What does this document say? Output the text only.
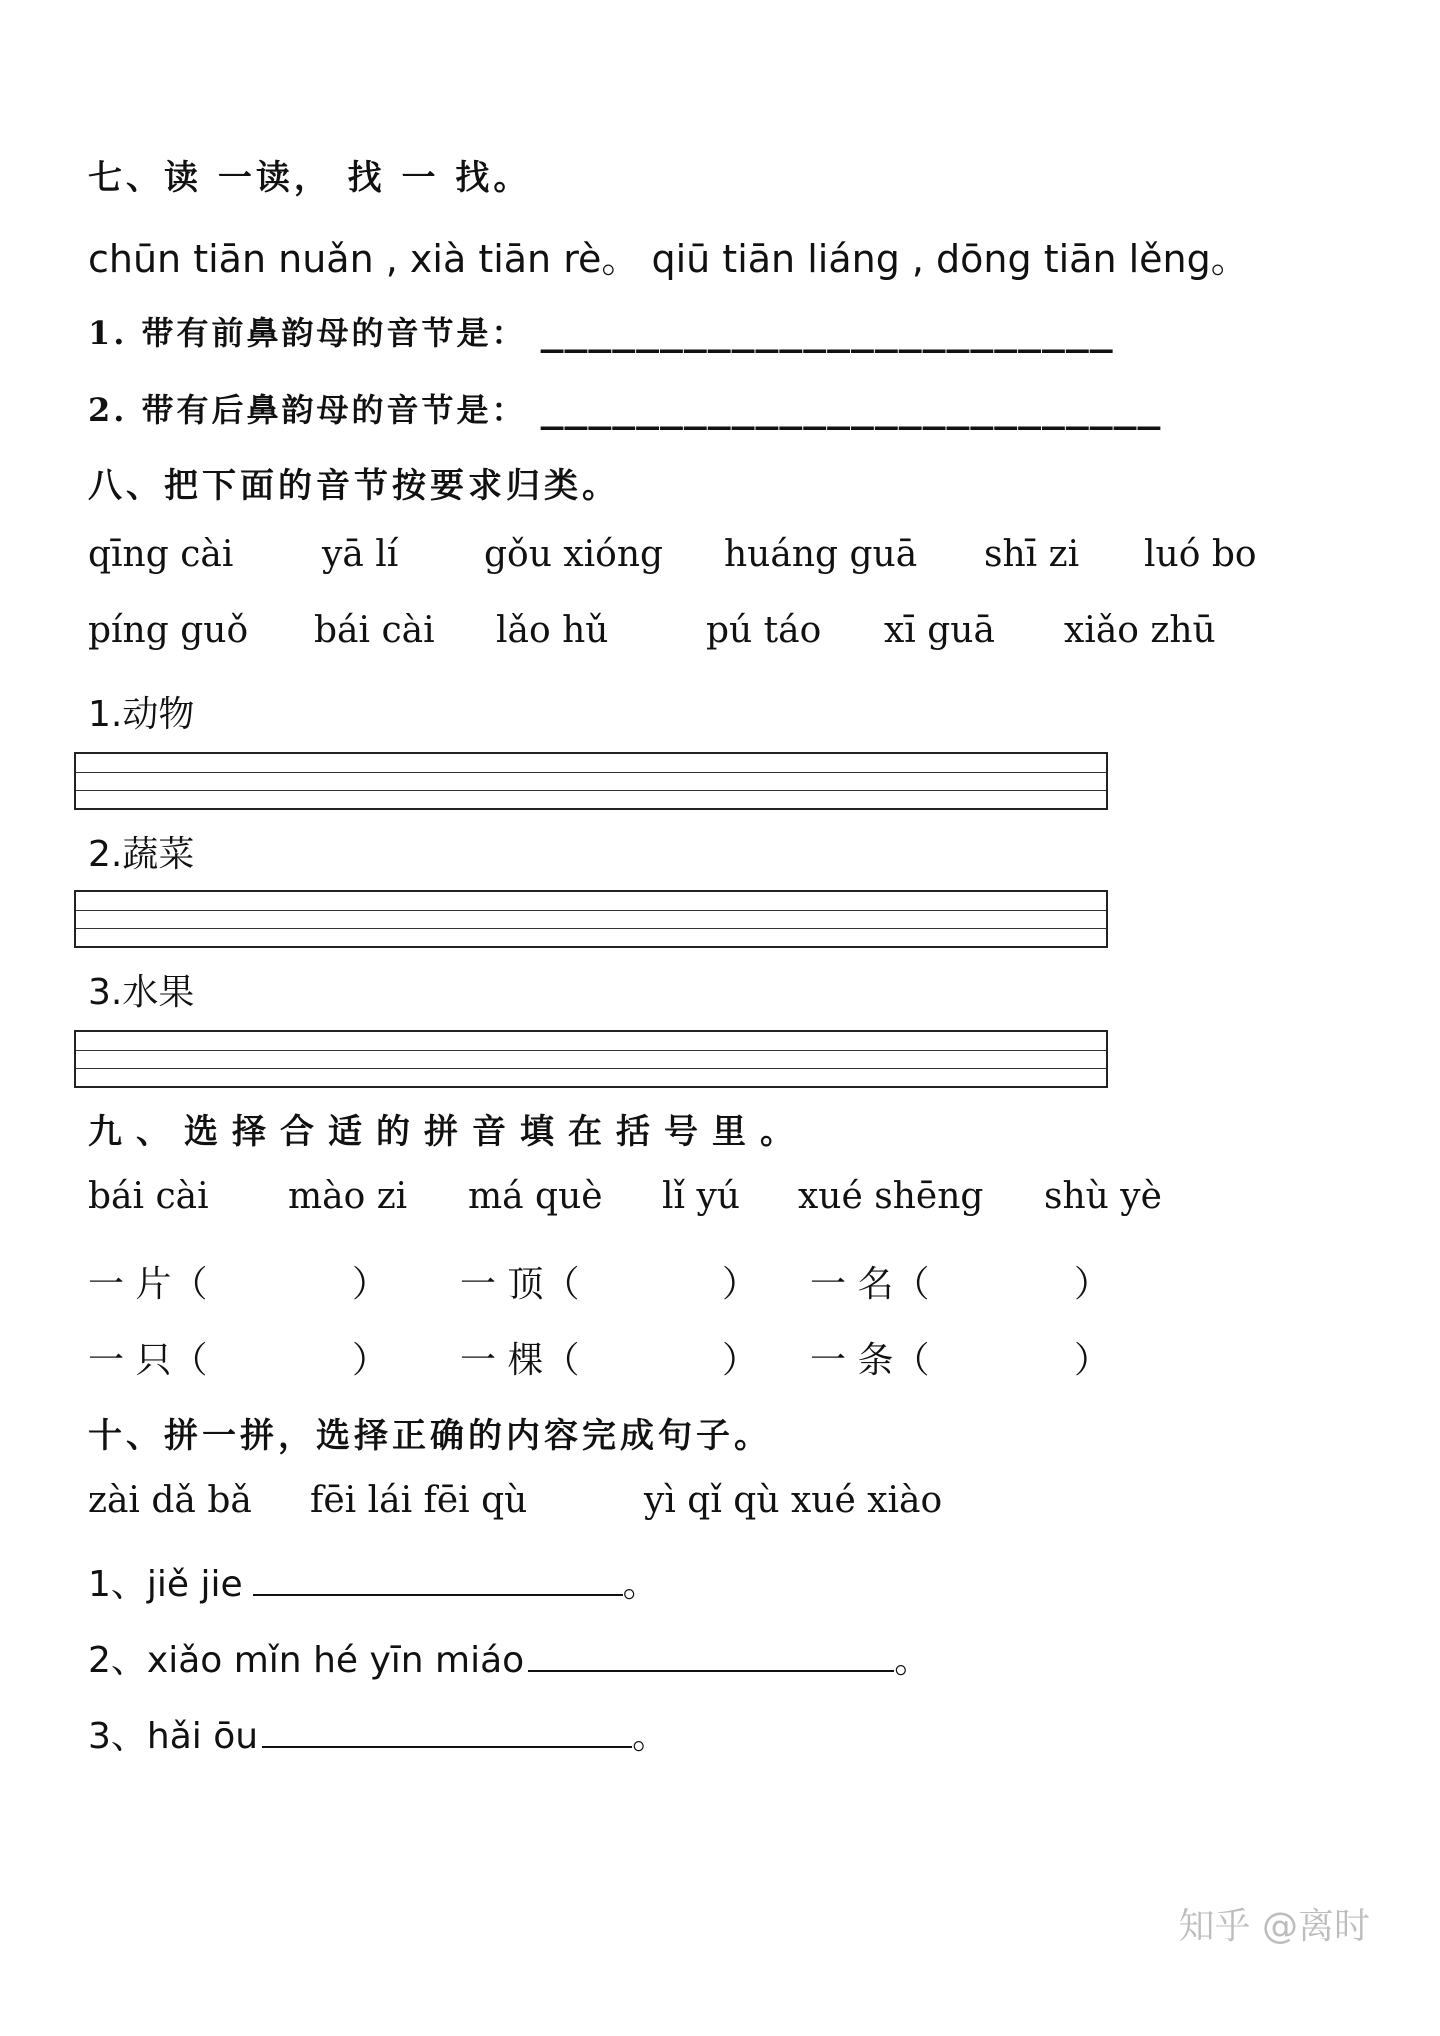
七、读 一读， 找 一 找。
chūn tiān nuǎn , xià tiān rè。 qiū tiān liáng , dōng tiān lěng。
1. 带有前鼻韵母的音节是： ________________________
2. 带有后鼻韵母的音节是： __________________________
八、把下面的音节按要求归类。
qīng cài yā lí gǒu xióng huáng guā shī zi luó bo
píng guǒ bái cài lǎo hǔ	pú táo xī guā xiǎo zhū
1.动物
2.蔬菜
3.水果
九、选择合适的拼音填在括号里。
bái cài mào zi má què lǐ yú xué shēng shù yè
一 片（	） 一 顶（	） 一 名（	）
一 只（	） 一 棵（	） 一 条（	）
十、拼一拼，选择正确的内容完成句子。
zài dǎ bǎ fēi lái fēi qù	yì qǐ qù xué xiào
1、jiě jie	。
2、xiǎo mǐn hé yīn miáo	。
3、hǎi ōu	。
知乎 @离时
